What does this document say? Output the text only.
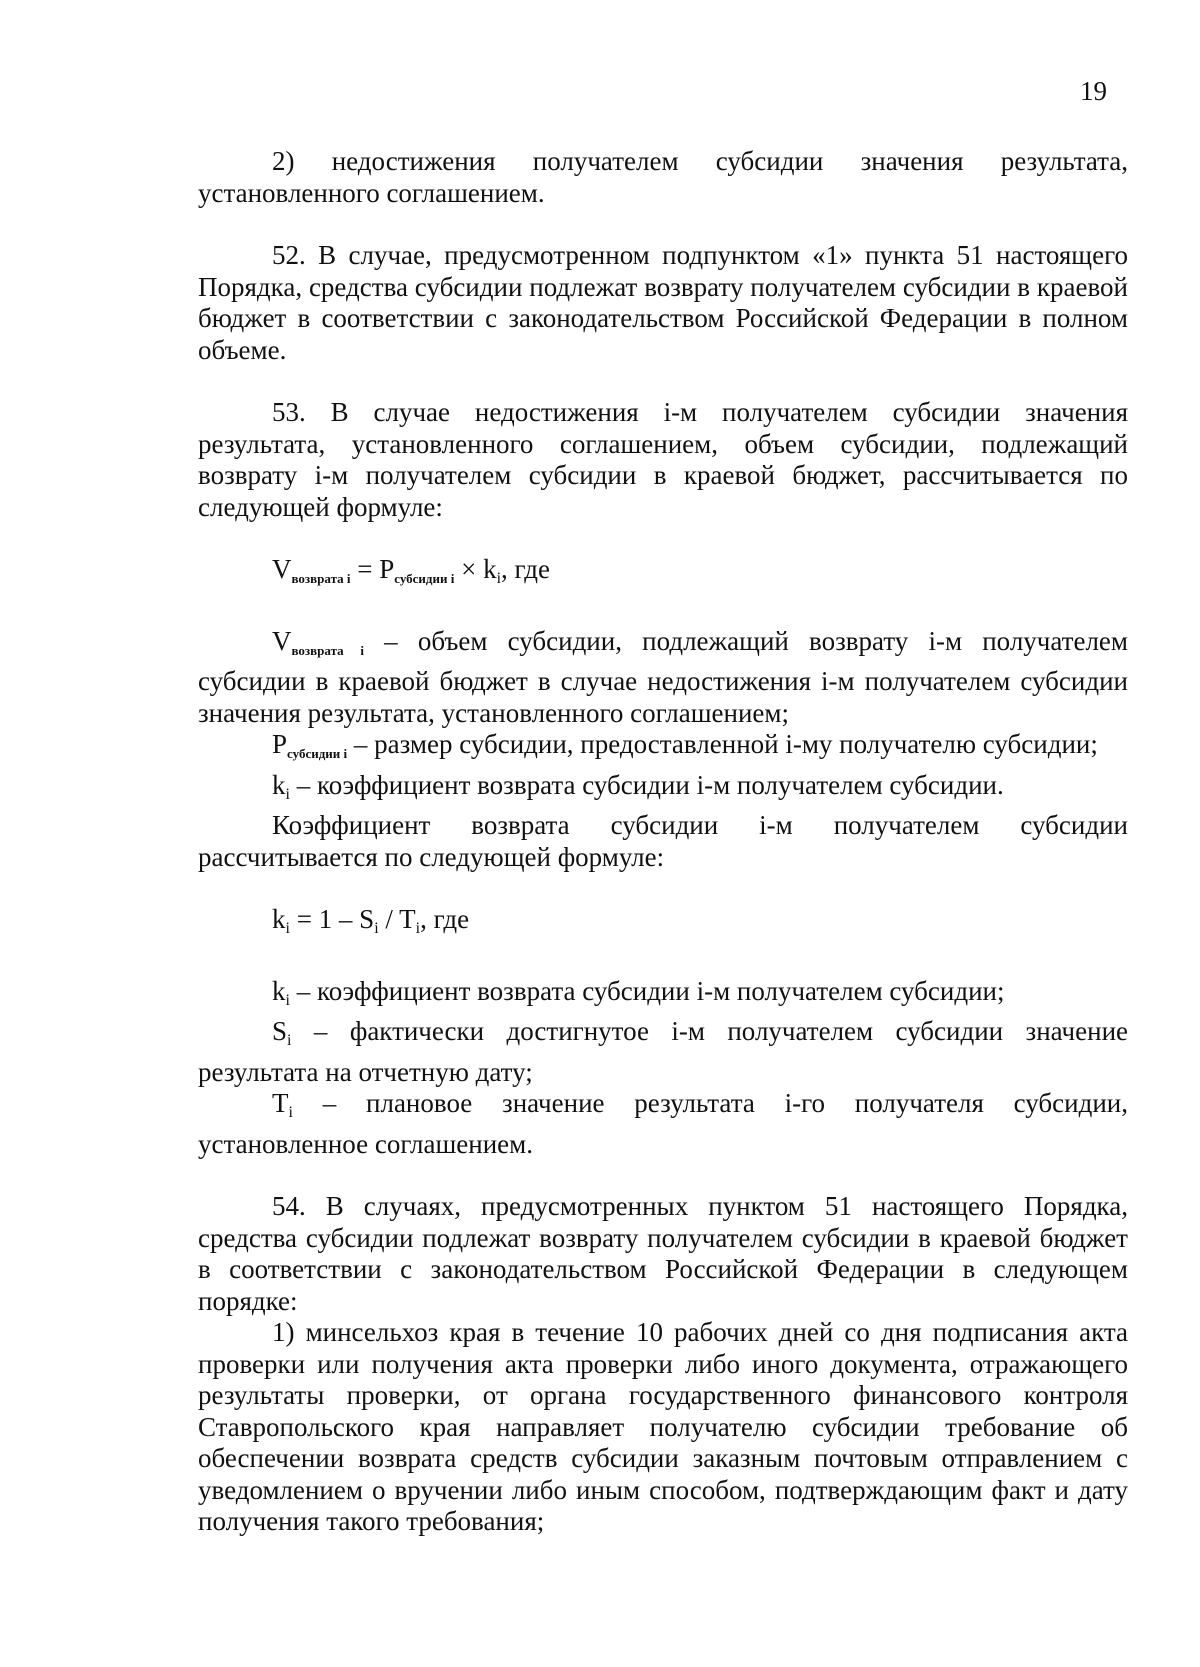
19

2) недостижения получателем субсидии значения результата, установленного соглашением.

52. В случае, предусмотренном подпунктом «1» пункта 51 настоящего Порядка, средства субсидии подлежат возврату получателем субсидии в краевой бюджет в соответствии с законодательством Российской Федерации в полном объеме.

53. В случае недостижения i-м получателем субсидии значения результата, установленного соглашением, объем субсидии, подлежащий возврату i-м получателем субсидии в краевой бюджет, рассчитывается по следующей формуле:

$V_{возврата i} = P_{субсидии i}$ × ki, где

$V_{возврата i}$ – объем субсидии, подлежащий возврату i-м получателем субсидии в краевой бюджет в случае недостижения i-м получателем субсидии значения результата, установленного соглашением;

$P_{субсидии i}$ – размер субсидии, предоставленной i-му получателю субсидии;

ki – коэффициент возврата субсидии i-м получателем субсидии.

Коэффициент возврата субсидии i-м получателем субсидии рассчитывается по следующей формуле:

ki = 1 – Si / Ti, где

ki – коэффициент возврата субсидии i-м получателем субсидии;

Si – фактически достигнутое i-м получателем субсидии значение результата на отчетную дату;

Ti – плановое значение результата i-го получателя субсидии, установленное соглашением.

54. В случаях, предусмотренных пунктом 51 настоящего Порядка, средства субсидии подлежат возврату получателем субсидии в краевой бюджет в соответствии с законодательством Российской Федерации в следующем порядке:

1) минсельхоз края в течение 10 рабочих дней со дня подписания акта проверки или получения акта проверки либо иного документа, отражающего результаты проверки, от органа государственного финансового контроля Ставропольского края направляет получателю субсидии требование об обеспечении возврата средств субсидии заказным почтовым отправлением с уведомлением о вручении либо иным способом, подтверждающим факт и дату получения такого требования;
